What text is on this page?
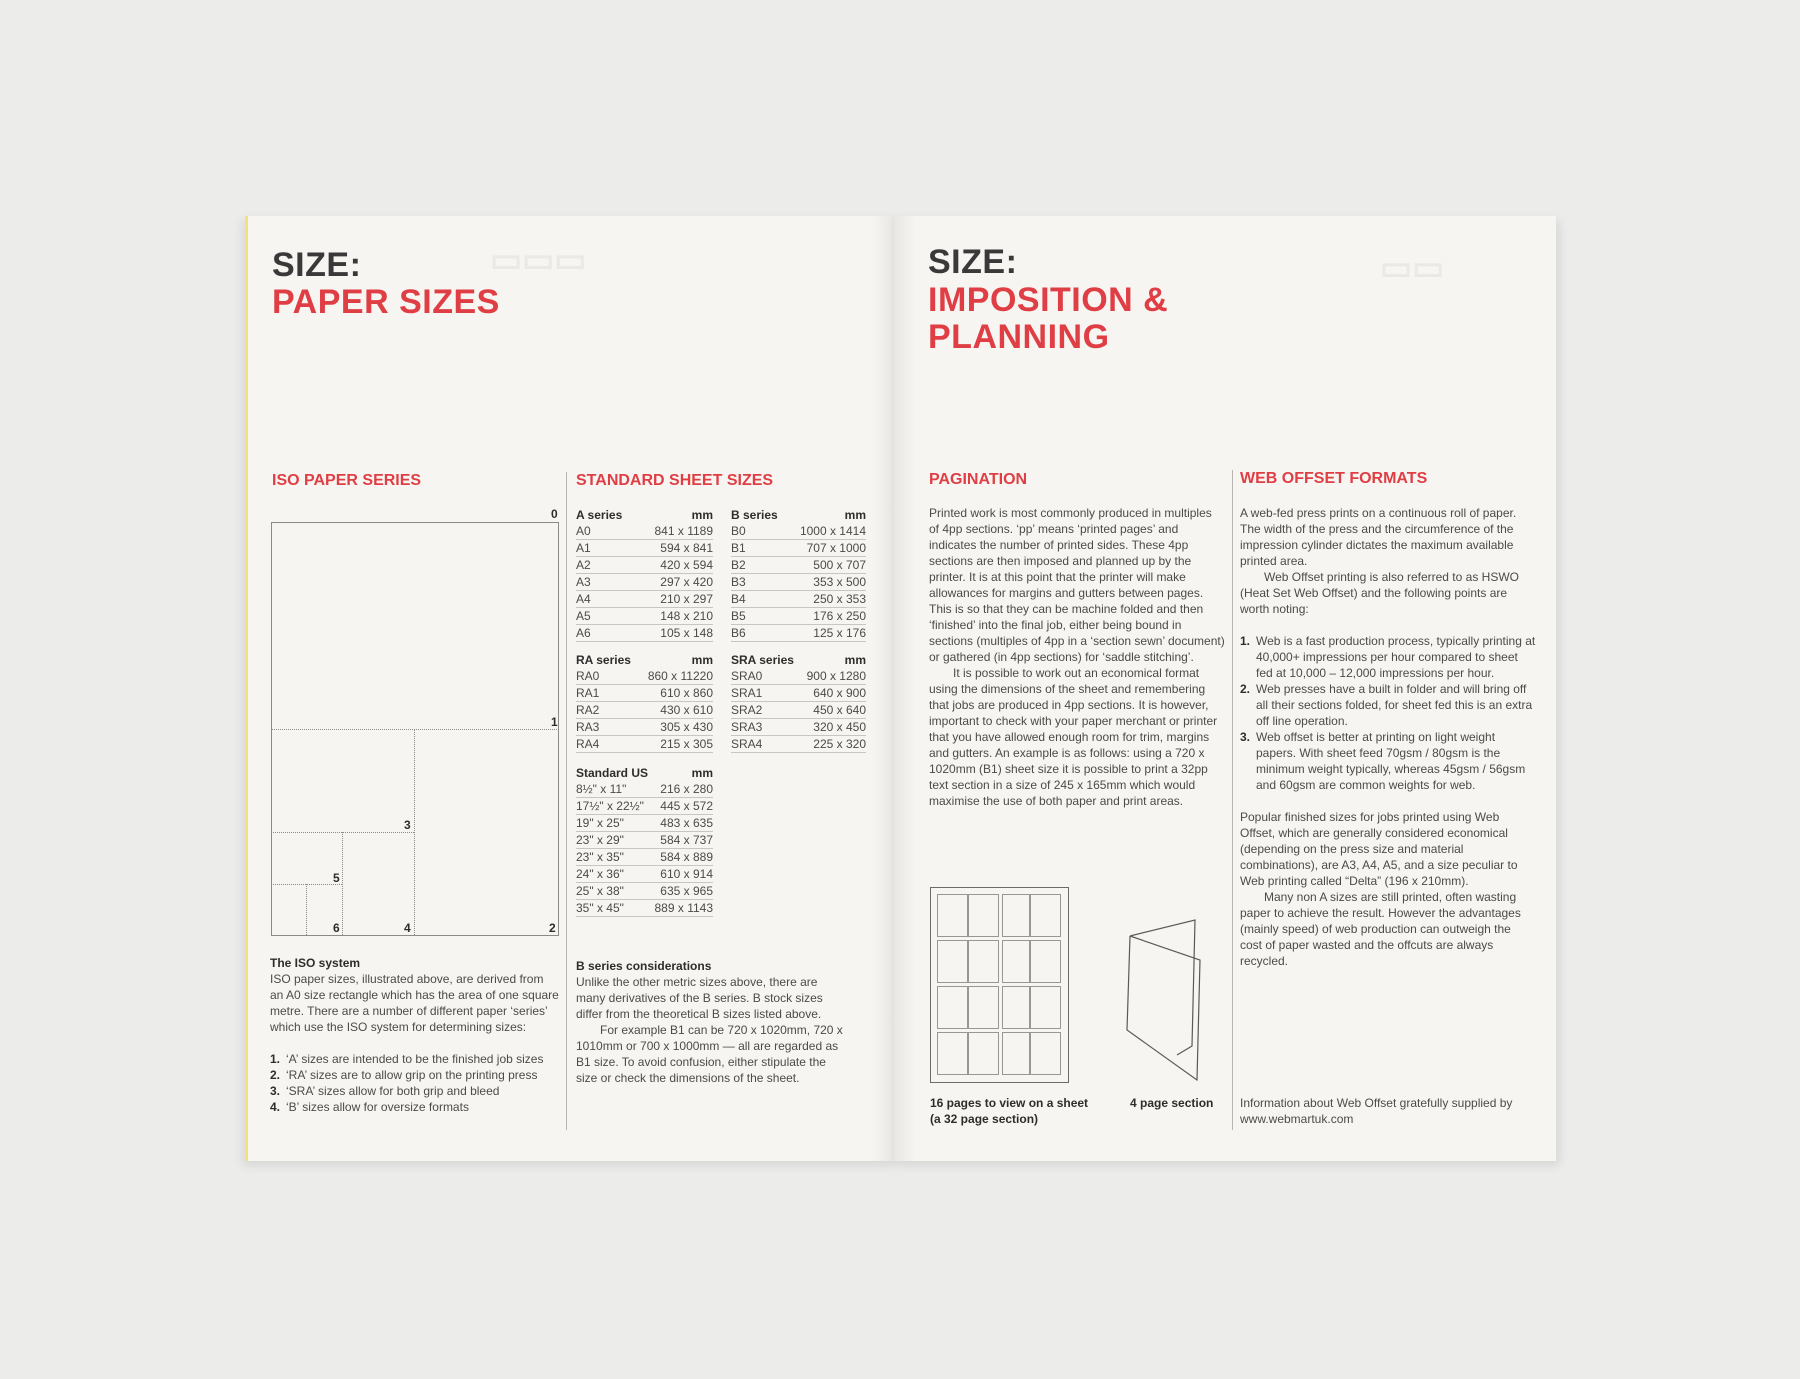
▭▭▭	▭▭
SIZE:
PAPER SIZES
ISO PAPER SERIES
0
1
2
3
4
5
6
The ISO system
ISO paper sizes, illustrated above, are derived from an A0 size rectangle which has the area of one square metre. There are a number of different paper ‘series’ which use the ISO system for determining sizes:
1. ‘A’ sizes are intended to be the finished job sizes
2. ‘RA’ sizes are to allow grip on the printing press
3. ‘SRA’ sizes allow for both grip and bleed
4. ‘B’ sizes allow for oversize formats
STANDARD SHEET SIZES
A series	mm
A0	841 x 1189
A1	594 x 841
A2	420 x 594
A3	297 x 420
A4	210 x 297
A5	148 x 210
A6	105 x 148
B series	mm
B0	1000 x 1414
B1	707 x 1000
B2	500 x 707
B3	353 x 500
B4	250 x 353
B5	176 x 250
B6	125 x 176
RA series	mm
RA0	860 x 11220
RA1	610 x 860
RA2	430 x 610
RA3	305 x 430
RA4	215 x 305
SRA series	mm
SRA0	900 x 1280
SRA1	640 x 900
SRA2	450 x 640
SRA3	320 x 450
SRA4	225 x 320
Standard US	mm
8½" x 11"	216 x 280
17½" x 22½"	445 x 572
19" x 25"	483 x 635
23" x 29"	584 x 737
23" x 35"	584 x 889
24" x 36"	610 x 914
25" x 38"	635 x 965
35" x 45"	889 x 1143
B series considerations
Unlike the other metric sizes above, there are many derivatives of the B series. B stock sizes differ from the theoretical B sizes listed above.
For example B1 can be 720 x 1020mm, 720 x 1010mm or 700 x 1000mm — all are regarded as B1 size. To avoid confusion, either stipulate the size or check the dimensions of the sheet.
SIZE:
IMPOSITION &
PLANNING
PAGINATION
Printed work is most commonly produced in multiples of 4pp sections. ‘pp’ means ‘printed pages’ and indicates the number of printed sides. These 4pp sections are then imposed and planned up by the printer. It is at this point that the printer will make allowances for margins and gutters between pages. This is so that they can be machine folded and then ‘finished’ into the final job, either being bound in sections (multiples of 4pp in a ‘section sewn’ document) or gathered (in 4pp sections) for ‘saddle stitching’.
It is possible to work out an economical format using the dimensions of the sheet and remembering that jobs are produced in 4pp sections. It is however, important to check with your paper merchant or printer that you have allowed enough room for trim, margins and gutters. An example is as follows: using a 720 x 1020mm (B1) sheet size it is possible to print a 32pp text section in a size of 245 x 165mm which would maximise the use of both paper and print areas.
16 pages to view on a sheet
(a 32 page section)
4 page section
WEB OFFSET FORMATS
A web-fed press prints on a continuous roll of paper. The width of the press and the circumference of the impression cylinder dictates the maximum available printed area.
Web Offset printing is also referred to as HSWO (Heat Set Web Offset) and the following points are worth noting:
1. Web is a fast production process, typically printing at 40,000+ impressions per hour compared to sheet fed at 10,000 – 12,000 impressions per hour.
2. Web presses have a built in folder and will bring off all their sections folded, for sheet fed this is an extra off line operation.
3. Web offset is better at printing on light weight papers. With sheet feed 70gsm / 80gsm is the minimum weight typically, whereas 45gsm / 56gsm and 60gsm are common weights for web.
Popular finished sizes for jobs printed using Web Offset, which are generally considered economical (depending on the press size and material combinations), are A3, A4, A5, and a size peculiar to Web printing called “Delta” (196 x 210mm).
Many non A sizes are still printed, often wasting paper to achieve the result. However the advantages (mainly speed) of web production can outweigh the cost of paper wasted and the offcuts are always recycled.
Information about Web Offset gratefully supplied by www.webmartuk.com
